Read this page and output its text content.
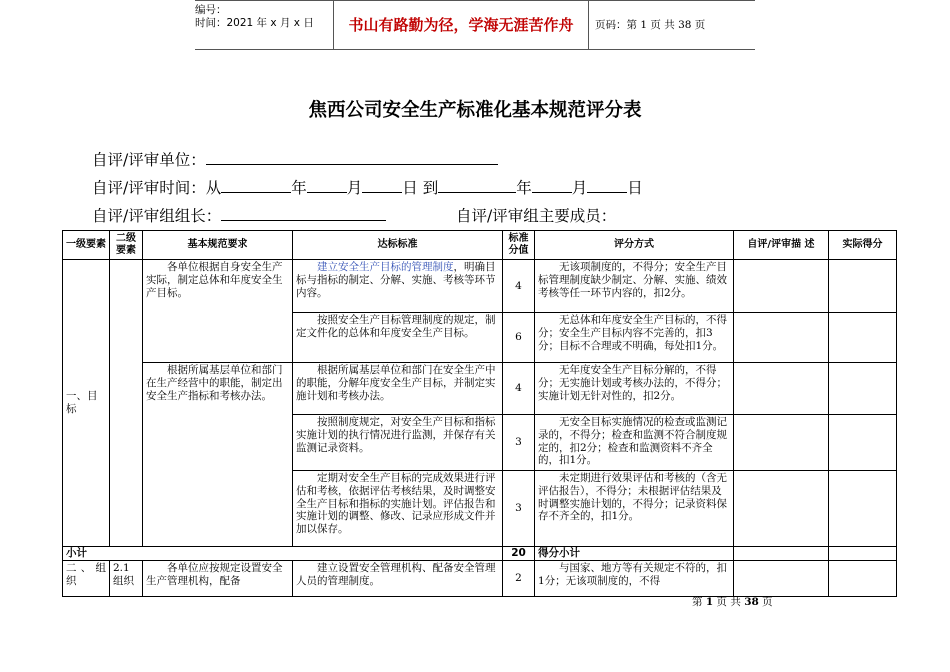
编号：
时间：2021 年 x 月 x 日	书山有路勤为径，学海无涯苦作舟	页码：第 1 页 共 38 页
焦西公司安全生产标准化基本规范评分表
自评/评审单位：
自评/评审时间：从	年	月	日 到	年	月	日
自评/评审组组长：	自评/评审组主要成员：
一级要素	二级要素	基本规范要求	达标标准	标准分值	评分方式	自评/评审描 述	实际得分
一、目标		各单位根据自身安全生产实际，制定总体和年度安全生产目标。	建立安全生产目标的管理制度，明确目标与指标的制定、分解、实施、考核等环节内容。	4	无该项制度的，不得分；安全生产目标管理制度缺少制定、分解、实施、绩效考核等任一环节内容的，扣2分。		
			按照安全生产目标管理制度的规定，制定文件化的总体和年度安全生产目标。	6	无总体和年度安全生产目标的，不得分；安全生产目标内容不完善的，扣3分；目标不合理或不明确，每处扣1分。		
		根据所属基层单位和部门在生产经营中的职能，制定出安全生产指标和考核办法。	根据所属基层单位和部门在安全生产中的职能，分解年度安全生产目标，并制定实施计划和考核办法。	4	无年度安全生产目标分解的，不得分；无实施计划或考核办法的，不得分；实施计划无针对性的，扣2分。		
			按照制度规定，对安全生产目标和指标实施计划的执行情况进行监测，并保存有关监测记录资料。	3	无安全目标实施情况的检查或监测记录的，不得分；检查和监测不符合制度规定的，扣2分；检查和监测资料不齐全的，扣1分。		
			定期对安全生产目标的完成效果进行评估和考核，依据评估考核结果，及时调整安全生产目标和指标的实施计划。评估报告和实施计划的调整、修改、记录应形成文件并加以保存。	3	未定期进行效果评估和考核的（含无评估报告），不得分；未根据评估结果及时调整实施计划的，不得分；记录资料保存不齐全的，扣1分。		
小计				20	得分小计		
二、组织	2.1 组织	各单位应按规定设置安全生产管理机构，配备	建立设置安全管理机构、配备安全管理人员的管理制度。	2	与国家、地方等有关规定不符的，扣1分；无该项制度的，不得		
第 1 页 共 38 页
